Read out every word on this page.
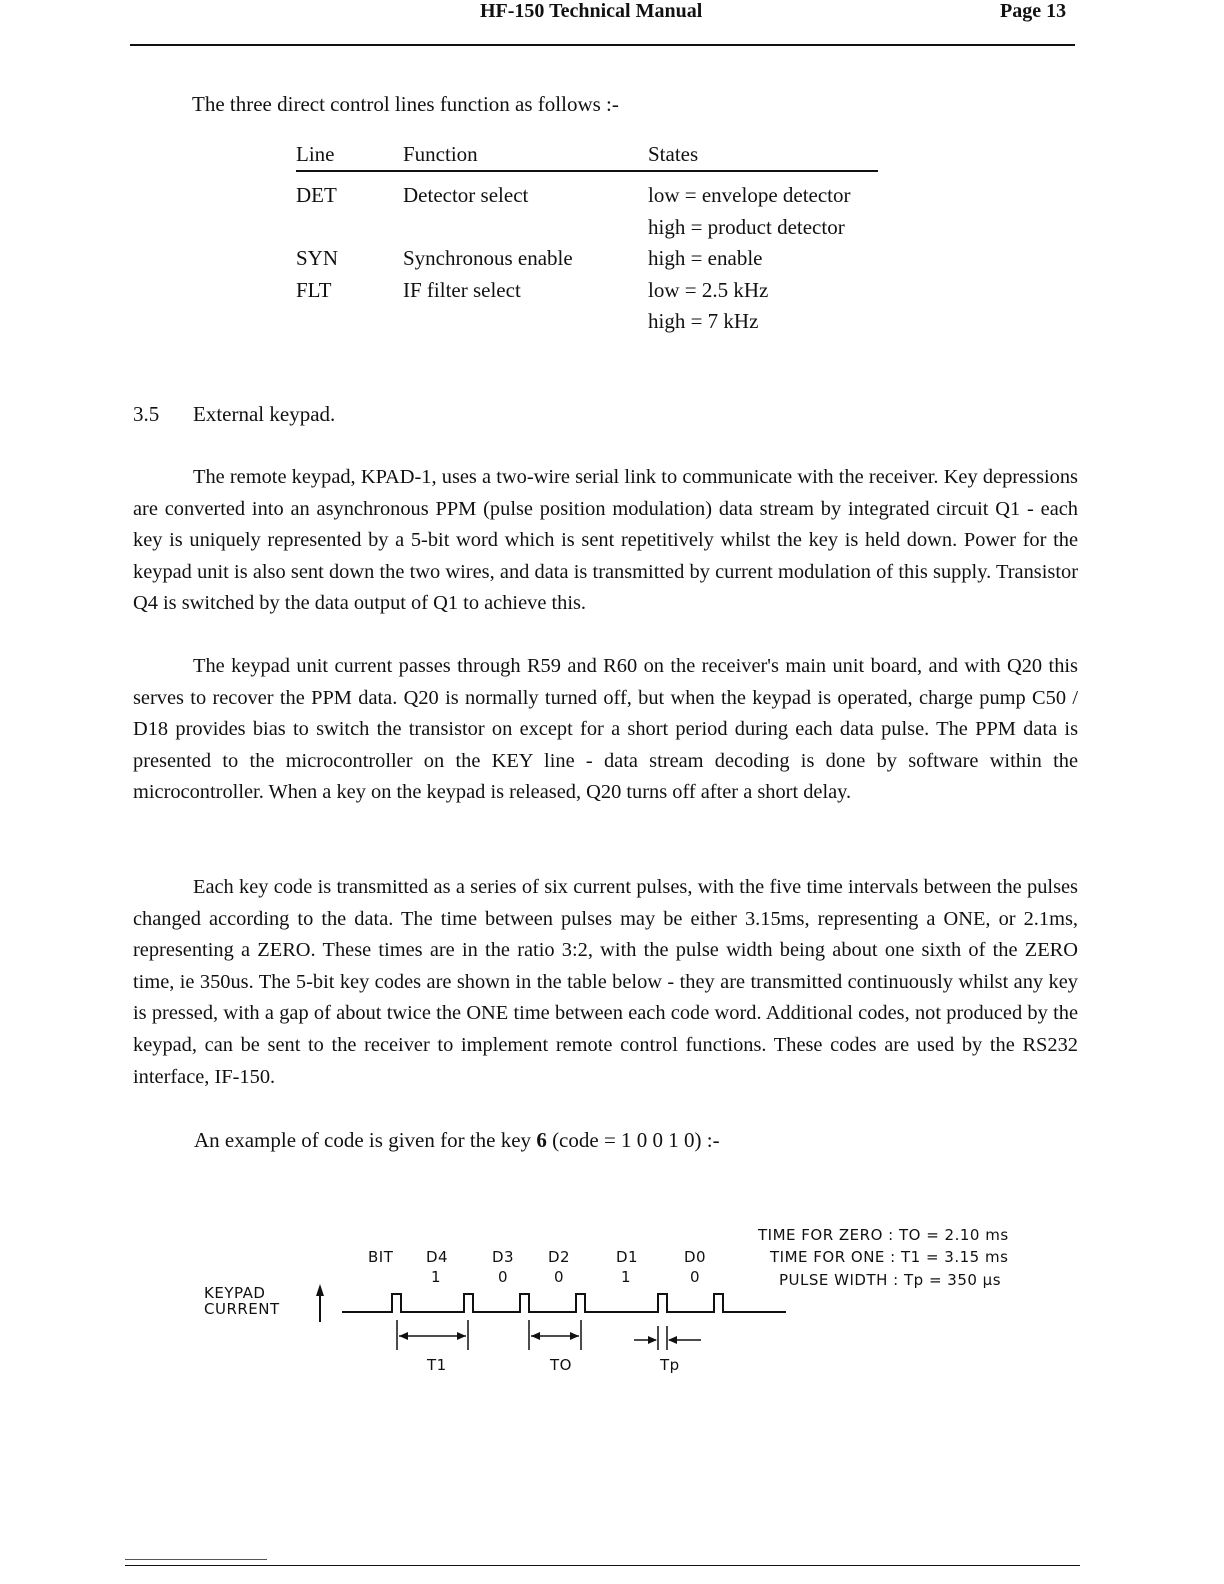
HF-150 Technical Manual	Page 13
The three direct control lines function as follows :-
Line	Function	States

DET	Detector select	low = envelope detector
		high = product detector
SYN	Synchronous enable	high = enable
FLT	IF filter select	low = 2.5 kHz
		high = 7 kHz
3.5 External keypad.

The remote keypad, KPAD-1, uses a two-wire serial link to communicate with the receiver. Key depressions are converted into an asynchronous PPM (pulse position modulation) data stream by integrated circuit Q1 - each key is uniquely represented by a 5-bit word which is sent repetitively whilst the key is held down. Power for the keypad unit is also sent down the two wires, and data is transmitted by current modulation of this supply. Transistor Q4 is switched by the data output of Q1 to achieve this.

The keypad unit current passes through R59 and R60 on the receiver's main unit board, and with Q20 this serves to recover the PPM data. Q20 is normally turned off, but when the keypad is operated, charge pump C50 / D18 provides bias to switch the transistor on except for a short period during each data pulse. The PPM data is presented to the microcontroller on the KEY line - data stream decoding is done by software within the microcontroller. When a key on the keypad is released, Q20 turns off after a short delay.

Each key code is transmitted as a series of six current pulses, with the five time intervals between the pulses changed according to the data. The time between pulses may be either 3.15ms, representing a ONE, or 2.1ms, representing a ZERO. These times are in the ratio 3:2, with the pulse width being about one sixth of the ZERO time, ie 350us. The 5-bit key codes are shown in the table below - they are transmitted continuously whilst any key is pressed, with a gap of about twice the ONE time between each code word. Additional codes, not produced by the keypad, can be sent to the receiver to implement remote control functions. These codes are used by the RS232 interface, IF-150.

An example of code is given for the key 6 (code = 1 0 0 1 0) :-
BIT D4	D3 D2	D1	D0
1	0	0	1	0
KEYPAD
CURRENT
TIME FOR ZERO : TO = 2.10 ms
TIME FOR ONE : T1 = 3.15 ms
PULSE WIDTH : Tp = 350 µs
T1	TO	Tp
